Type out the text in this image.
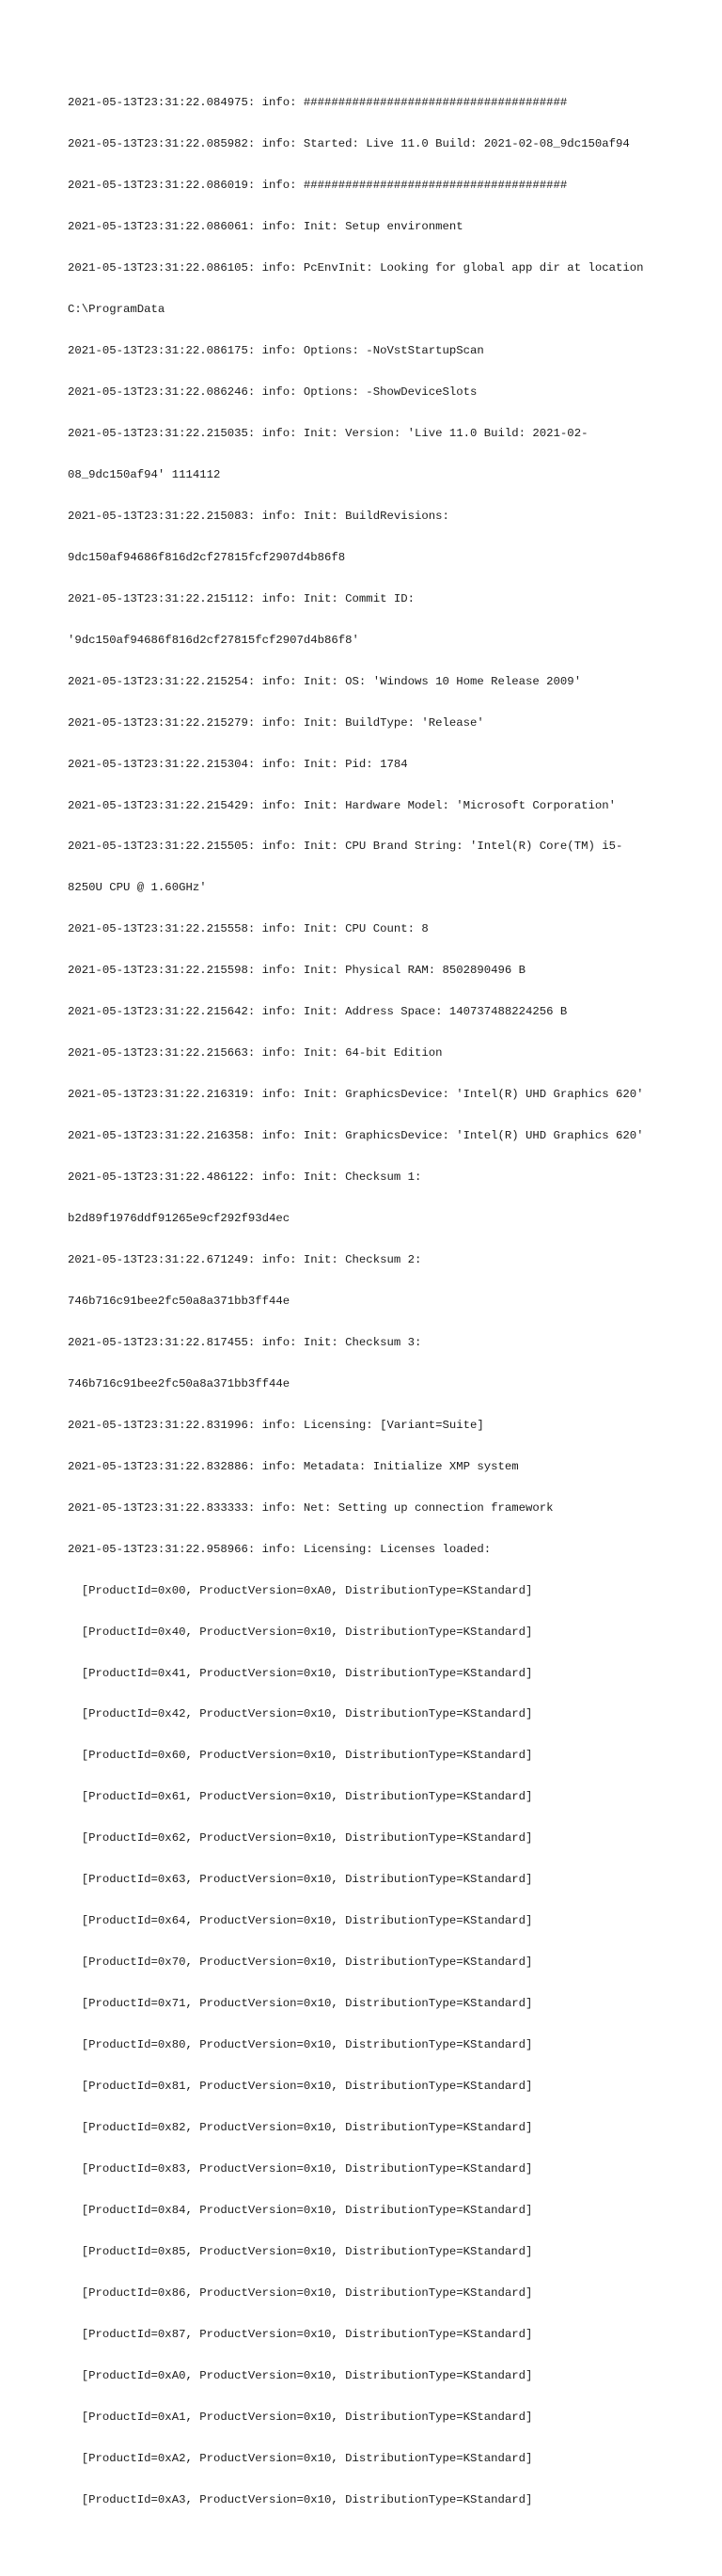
2021-05-13T23:31:22.084975: info: ######################################

2021-05-13T23:31:22.085982: info: Started: Live 11.0 Build: 2021-02-08_9dc150af94

2021-05-13T23:31:22.086019: info: ######################################

2021-05-13T23:31:22.086061: info: Init: Setup environment

2021-05-13T23:31:22.086105: info: PcEnvInit: Looking for global app dir at location

C:\ProgramData

2021-05-13T23:31:22.086175: info: Options: -NoVstStartupScan

2021-05-13T23:31:22.086246: info: Options: -ShowDeviceSlots

2021-05-13T23:31:22.215035: info: Init: Version: 'Live 11.0 Build: 2021-02-

08_9dc150af94' 1114112

2021-05-13T23:31:22.215083: info: Init: BuildRevisions:

9dc150af94686f816d2cf27815fcf2907d4b86f8

2021-05-13T23:31:22.215112: info: Init: Commit ID:

'9dc150af94686f816d2cf27815fcf2907d4b86f8'

2021-05-13T23:31:22.215254: info: Init: OS: 'Windows 10 Home Release 2009'

2021-05-13T23:31:22.215279: info: Init: BuildType: 'Release'

2021-05-13T23:31:22.215304: info: Init: Pid: 1784

2021-05-13T23:31:22.215429: info: Init: Hardware Model: 'Microsoft Corporation'

2021-05-13T23:31:22.215505: info: Init: CPU Brand String: 'Intel(R) Core(TM) i5-

8250U CPU @ 1.60GHz'

2021-05-13T23:31:22.215558: info: Init: CPU Count: 8

2021-05-13T23:31:22.215598: info: Init: Physical RAM: 8502890496 B

2021-05-13T23:31:22.215642: info: Init: Address Space: 140737488224256 B

2021-05-13T23:31:22.215663: info: Init: 64-bit Edition

2021-05-13T23:31:22.216319: info: Init: GraphicsDevice: 'Intel(R) UHD Graphics 620'

2021-05-13T23:31:22.216358: info: Init: GraphicsDevice: 'Intel(R) UHD Graphics 620'

2021-05-13T23:31:22.486122: info: Init: Checksum 1:

b2d89f1976ddf91265e9cf292f93d4ec

2021-05-13T23:31:22.671249: info: Init: Checksum 2:

746b716c91bee2fc50a8a371bb3ff44e

2021-05-13T23:31:22.817455: info: Init: Checksum 3:

746b716c91bee2fc50a8a371bb3ff44e

2021-05-13T23:31:22.831996: info: Licensing: [Variant=Suite]

2021-05-13T23:31:22.832886: info: Metadata: Initialize XMP system

2021-05-13T23:31:22.833333: info: Net: Setting up connection framework

2021-05-13T23:31:22.958966: info: Licensing: Licenses loaded:

[ProductId=0x00, ProductVersion=0xA0, DistributionType=KStandard]

[ProductId=0x40, ProductVersion=0x10, DistributionType=KStandard]

[ProductId=0x41, ProductVersion=0x10, DistributionType=KStandard]

[ProductId=0x42, ProductVersion=0x10, DistributionType=KStandard]

[ProductId=0x60, ProductVersion=0x10, DistributionType=KStandard]

[ProductId=0x61, ProductVersion=0x10, DistributionType=KStandard]

[ProductId=0x62, ProductVersion=0x10, DistributionType=KStandard]

[ProductId=0x63, ProductVersion=0x10, DistributionType=KStandard]

[ProductId=0x64, ProductVersion=0x10, DistributionType=KStandard]

[ProductId=0x70, ProductVersion=0x10, DistributionType=KStandard]

[ProductId=0x71, ProductVersion=0x10, DistributionType=KStandard]

[ProductId=0x80, ProductVersion=0x10, DistributionType=KStandard]

[ProductId=0x81, ProductVersion=0x10, DistributionType=KStandard]

[ProductId=0x82, ProductVersion=0x10, DistributionType=KStandard]

[ProductId=0x83, ProductVersion=0x10, DistributionType=KStandard]

[ProductId=0x84, ProductVersion=0x10, DistributionType=KStandard]

[ProductId=0x85, ProductVersion=0x10, DistributionType=KStandard]

[ProductId=0x86, ProductVersion=0x10, DistributionType=KStandard]

[ProductId=0x87, ProductVersion=0x10, DistributionType=KStandard]

[ProductId=0xA0, ProductVersion=0x10, DistributionType=KStandard]

[ProductId=0xA1, ProductVersion=0x10, DistributionType=KStandard]

[ProductId=0xA2, ProductVersion=0x10, DistributionType=KStandard]

[ProductId=0xA3, ProductVersion=0x10, DistributionType=KStandard]
